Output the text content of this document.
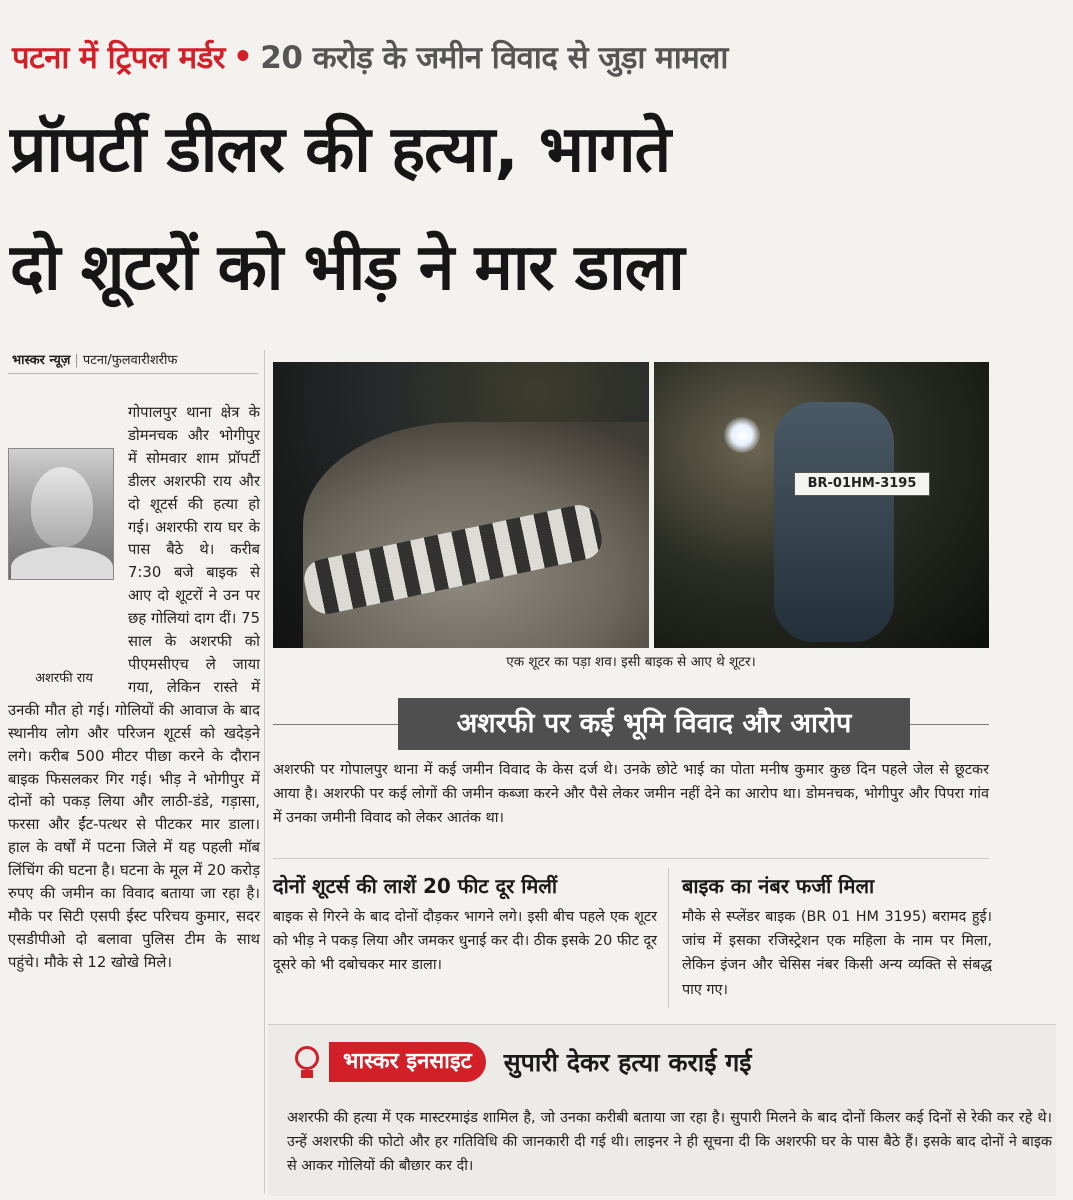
पटना में ट्रिपल मर्डर • 20 करोड़ के जमीन विवाद से जुड़ा मामला
प्रॉपर्टी डीलर की हत्या, भागते
दो शूटरों को भीड़ ने मार डाला
भास्कर न्यूज़ | पटना/फुलवारीशरीफ
अशरफी राय
गोपालपुर थाना क्षेत्र के डोमनचक और भोगीपुर में सोमवार शाम प्रॉपर्टी डीलर अशरफी राय और दो शूटर्स की हत्या हो गई। अशरफी राय घर के पास बैठे थे। करीब 7:30 बजे बाइक से आए दो शूटरों ने उन पर छह गोलियां दाग दीं। 75 साल के अशरफी को पीएमसीएच ले जाया गया, लेकिन रास्ते में उनकी मौत हो गई। गोलियों की आवाज के बाद स्थानीय लोग और परिजन शूटर्स को खदेड़ने लगे। करीब 500 मीटर पीछा करने के दौरान बाइक फिसलकर गिर गई। भीड़ ने भोगीपुर में दोनों को पकड़ लिया और लाठी-डंडे, गड़ासा, फरसा और ईंट-पत्थर से पीटकर मार डाला। हाल के वर्षों में पटना जिले में यह पहली मॉब लिंचिंग की घटना है। घटना के मूल में 20 करोड़ रुपए की जमीन का विवाद बताया जा रहा है। मौके पर सिटी एसपी ईस्ट परिचय कुमार, सदर एसडीपीओ दो बलावा पुलिस टीम के साथ पहुंचे। मौके से 12 खोखे मिले।
BR-01HM-3195
एक शूटर का पड़ा शव। इसी बाइक से आए थे शूटर।
अशरफी पर कई भूमि विवाद और आरोप
अशरफी पर गोपालपुर थाना में कई जमीन विवाद के केस दर्ज थे। उनके छोटे भाई का पोता मनीष कुमार कुछ दिन पहले जेल से छूटकर आया है। अशरफी पर कई लोगों की जमीन कब्जा करने और पैसे लेकर जमीन नहीं देने का आरोप था। डोमनचक, भोगीपुर और पिपरा गांव में उनका जमीनी विवाद को लेकर आतंक था।
दोनों शूटर्स की लाशें 20 फीट दूर मिलीं
बाइक से गिरने के बाद दोनों दौड़कर भागने लगे। इसी बीच पहले एक शूटर को भीड़ ने पकड़ लिया और जमकर धुनाई कर दी। ठीक इसके 20 फीट दूर दूसरे को भी दबोचकर मार डाला।
बाइक का नंबर फर्जी मिला
मौके से स्प्लेंडर बाइक (BR 01 HM 3195) बरामद हुई। जांच में इसका रजिस्ट्रेशन एक महिला के नाम पर मिला, लेकिन इंजन और चेसिस नंबर किसी अन्य व्यक्ति से संबद्ध पाए गए।
भास्कर इनसाइट	सुपारी देकर हत्या कराई गई
अशरफी की हत्या में एक मास्टरमाइंड शामिल है, जो उनका करीबी बताया जा रहा है। सुपारी मिलने के बाद दोनों किलर कई दिनों से रेकी कर रहे थे। उन्हें अशरफी की फोटो और हर गतिविधि की जानकारी दी गई थी। लाइनर ने ही सूचना दी कि अशरफी घर के पास बैठे हैं। इसके बाद दोनों ने बाइक से आकर गोलियों की बौछार कर दी।
